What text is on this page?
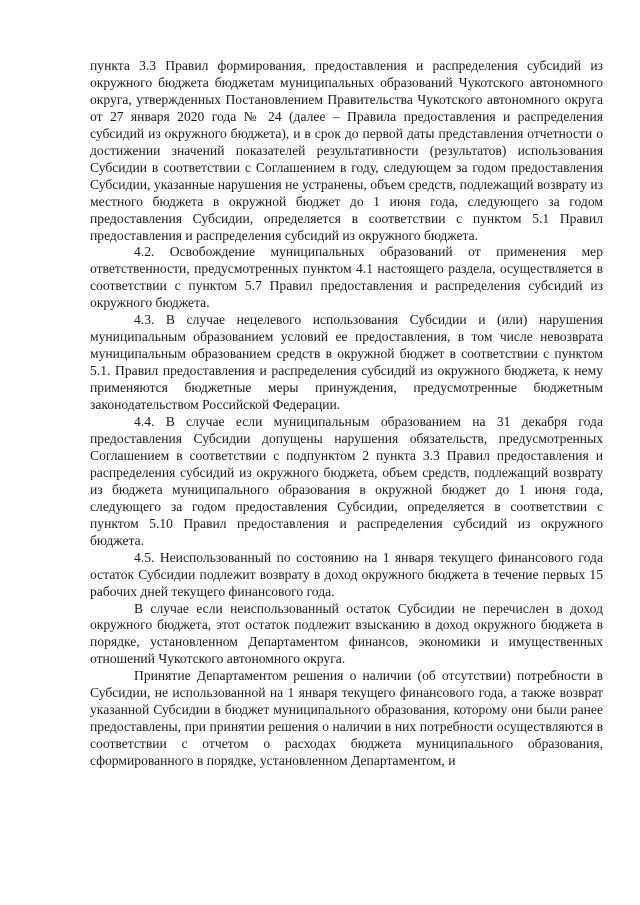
пункта 3.3 Правил формирования, предоставления и распределения субсидий из окружного бюджета бюджетам муниципальных образований Чукотского автономного округа, утвержденных Постановлением Правительства Чукотского автономного округа от 27 января 2020 года № 24 (далее – Правила предоставления и распределения субсидий из окружного бюджета), и в срок до первой даты представления отчетности о достижении значений показателей результативности (результатов) использования Субсидии в соответствии с Соглашением в году, следующем за годом предоставления Субсидии, указанные нарушения не устранены, объем средств, подлежащий возврату из местного бюджета в окружной бюджет до 1 июня года, следующего за годом предоставления Субсидии, определяется в соответствии с пунктом 5.1 Правил предоставления и распределения субсидий из окружного бюджета.

4.2. Освобождение муниципальных образований от применения мер ответственности, предусмотренных пунктом 4.1 настоящего раздела, осуществляется в соответствии с пунктом 5.7 Правил предоставления и распределения субсидий из окружного бюджета.

4.3. В случае нецелевого использования Субсидии и (или) нарушения муниципальным образованием условий ее предоставления, в том числе невозврата муниципальным образованием средств в окружной бюджет в соответствии с пунктом 5.1. Правил предоставления и распределения субсидий из окружного бюджета, к нему применяются бюджетные меры принуждения, предусмотренные бюджетным законодательством Российской Федерации.

4.4. В случае если муниципальным образованием на 31 декабря года предоставления Субсидии допущены нарушения обязательств, предусмотренных Соглашением в соответствии с подпунктом 2 пункта 3.3 Правил предоставления и распределения субсидий из окружного бюджета, объем средств, подлежащий возврату из бюджета муниципального образования в окружной бюджет до 1 июня года, следующего за годом предоставления Субсидии, определяется в соответствии с пунктом 5.10 Правил предоставления и распределения субсидий из окружного бюджета.

4.5. Неиспользованный по состоянию на 1 января текущего финансового года остаток Субсидии подлежит возврату в доход окружного бюджета в течение первых 15 рабочих дней текущего финансового года.

В случае если неиспользованный остаток Субсидии не перечислен в доход окружного бюджета, этот остаток подлежит взысканию в доход окружного бюджета в порядке, установленном Департаментом финансов, экономики и имущественных отношений Чукотского автономного округа.

Принятие Департаментом решения о наличии (об отсутствии) потребности в Субсидии, не использованной на 1 января текущего финансового года, а также возврат указанной Субсидии в бюджет муниципального образования, которому они были ранее предоставлены, при принятии решения о наличии в них потребности осуществляются в соответствии с отчетом о расходах бюджета муниципального образования, сформированного в порядке, установленном Департаментом, и
